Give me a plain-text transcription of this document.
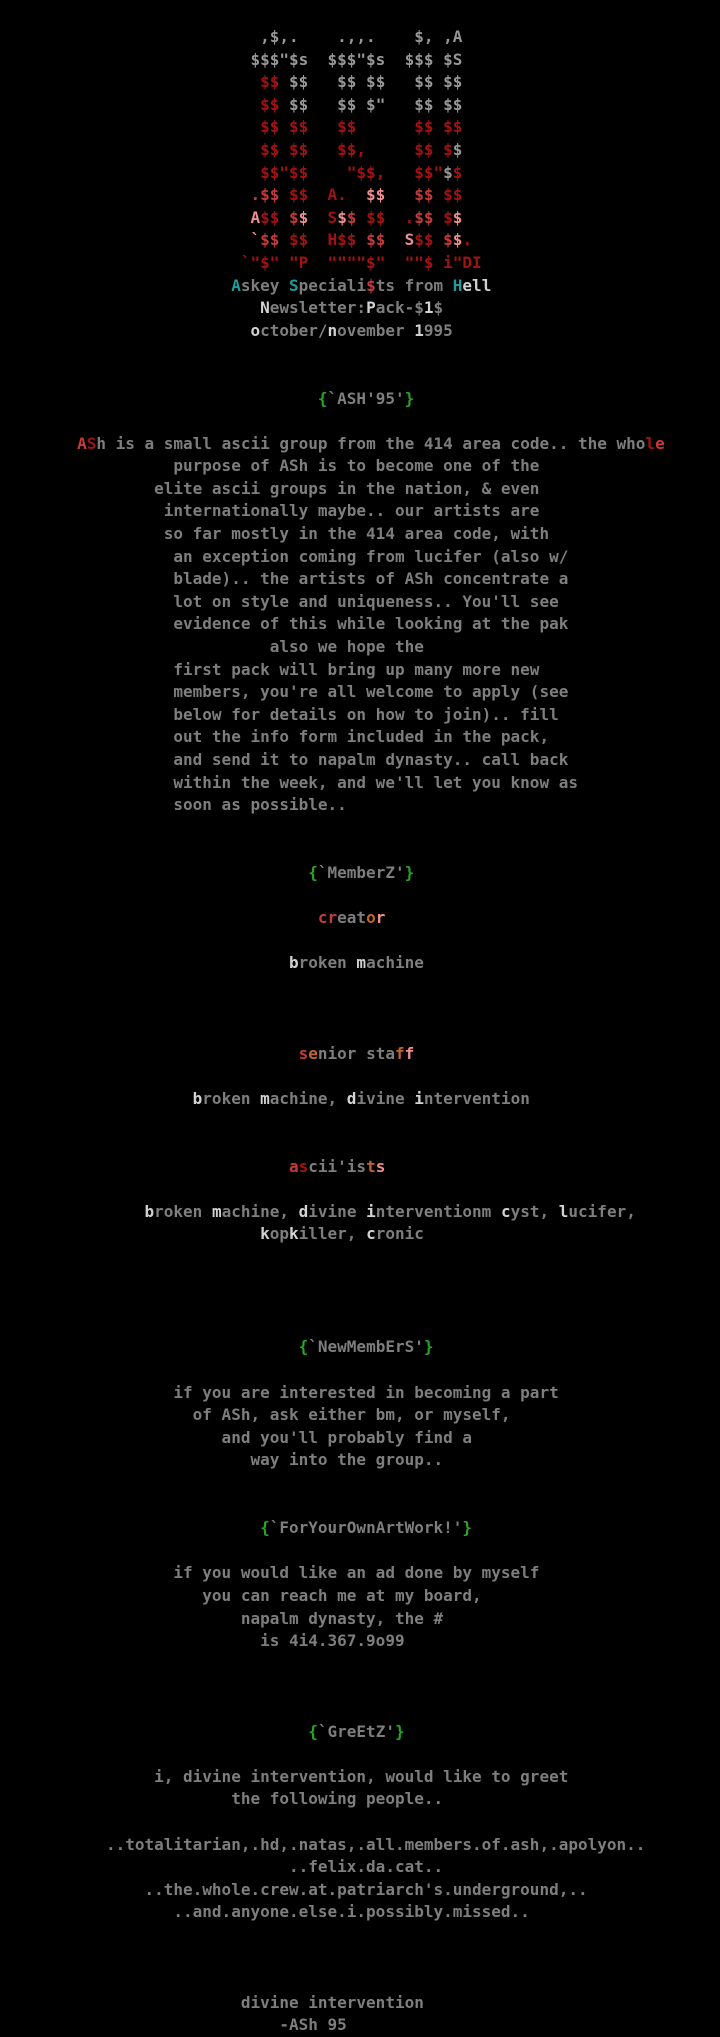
,$,.    .,,.    $, ,A
$$$"$s  $$$"$s  $$$ $S
$$ $$   $$ $$   $$ $$
$$ $$   $$ $"   $$ $$
$$ $$   $$      $$ $$
$$ $$   $$,     $$ $$
$$"$$    "$$,   $$"$$
.$$ $$  A.  $$ $$ $$
A$$ $$  S$$ $$  .$$ $$
`$$ $$  H$$ $$ S$$ $$.
`"$" "P  """"$"  ""$ i"DI
Askey Speciali$ts from Hell
Newsletter:Pack-$1$
october/november 1995
{`ASH'95'}
ASh is a small ascii group from the 414 area code.. the whole
purpose of ASh is to become one of the
elite ascii groups in the nation, & even
internationally maybe.. our artists are
so far mostly in the 414 area code, with
an exception coming from lucifer (also w/
blade).. the artists of ASh concentrate a
lot on style and uniqueness.. You'll see
evidence of this while looking at the pak
also we hope the
first pack will bring up many more new
members, you're all welcome to apply (see
below for details on how to join).. fill
out the info form included in the pack,
and send it to napalm dynasty.. call back
within the week, and we'll let you know as
soon as possible..
{`MemberZ'}
creator
broken machine
senior staff
broken machine, divine intervention
ascii'ists
broken machine, divine interventionm cyst, lucifer,
kopkiller, cronic
{`NewMembErS'}
if you are interested in becoming a part
of ASh, ask either bm, or myself,
and you'll probably find a
way into the group..
{`ForYourOwnArtWork!'}
if you would like an ad done by myself
you can reach me at my board,
napalm dynasty, the #
is 4i4.367.9o99
{`GreEtZ'}
i, divine intervention, would like to greet
the following people..
..totalitarian,.hd,.natas,.all.members.of.ash,.apolyon..
..felix.da.cat..
..the.whole.crew.at.patriarch's.underground,..
..and.anyone.else.i.possibly.missed..
divine intervention
-ASh 95
